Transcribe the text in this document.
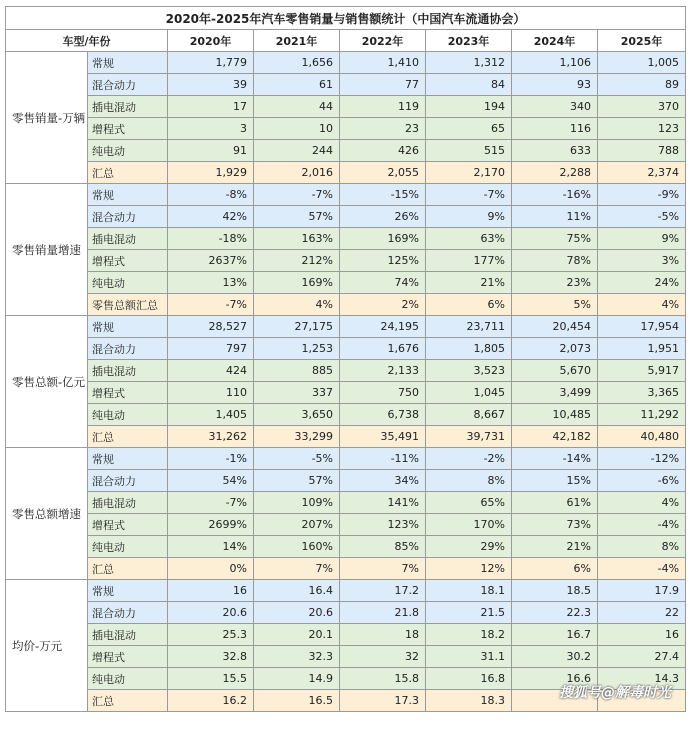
2020年-2025年汽车零售销量与销售额统计（中国汽车流通协会）							
车型/年份		2020年	2021年	2022年	2023年	2024年	2025年
零售销量-万辆	常规	1,779	1,656	1,410	1,312	1,106	1,005
	混合动力	39	61	77	84	93	89
	插电混动	17	44	119	194	340	370
	增程式	3	10	23	65	116	123
	纯电动	91	244	426	515	633	788
	汇总	1,929	2,016	2,055	2,170	2,288	2,374
零售销量增速	常规	-8%	-7%	-15%	-7%	-16%	-9%
	混合动力	42%	57%	26%	9%	11%	-5%
	插电混动	-18%	163%	169%	63%	75%	9%
	增程式	2637%	212%	125%	177%	78%	3%
	纯电动	13%	169%	74%	21%	23%	24%
	零售总额汇总	-7%	4%	2%	6%	5%	4%
零售总额-亿元	常规	28,527	27,175	24,195	23,711	20,454	17,954
	混合动力	797	1,253	1,676	1,805	2,073	1,951
	插电混动	424	885	2,133	3,523	5,670	5,917
	增程式	110	337	750	1,045	3,499	3,365
	纯电动	1,405	3,650	6,738	8,667	10,485	11,292
	汇总	31,262	33,299	35,491	39,731	42,182	40,480
零售总额增速	常规	-1%	-5%	-11%	-2%	-14%	-12%
	混合动力	54%	57%	34%	8%	15%	-6%
	插电混动	-7%	109%	141%	65%	61%	4%
	增程式	2699%	207%	123%	170%	73%	-4%
	纯电动	14%	160%	85%	29%	21%	8%
	汇总	0%	7%	7%	12%	6%	-4%
均价-万元	常规	16	16.4	17.2	18.1	18.5	17.9
	混合动力	20.6	20.6	21.8	21.5	22.3	22
	插电混动	25.3	20.1	18	18.2	16.7	16
	增程式	32.8	32.3	32	31.1	30.2	27.4
	纯电动	15.5	14.9	15.8	16.8	16.6	14.3
	汇总	16.2	16.5	17.3	18.3			搜狐号@解毒时光
